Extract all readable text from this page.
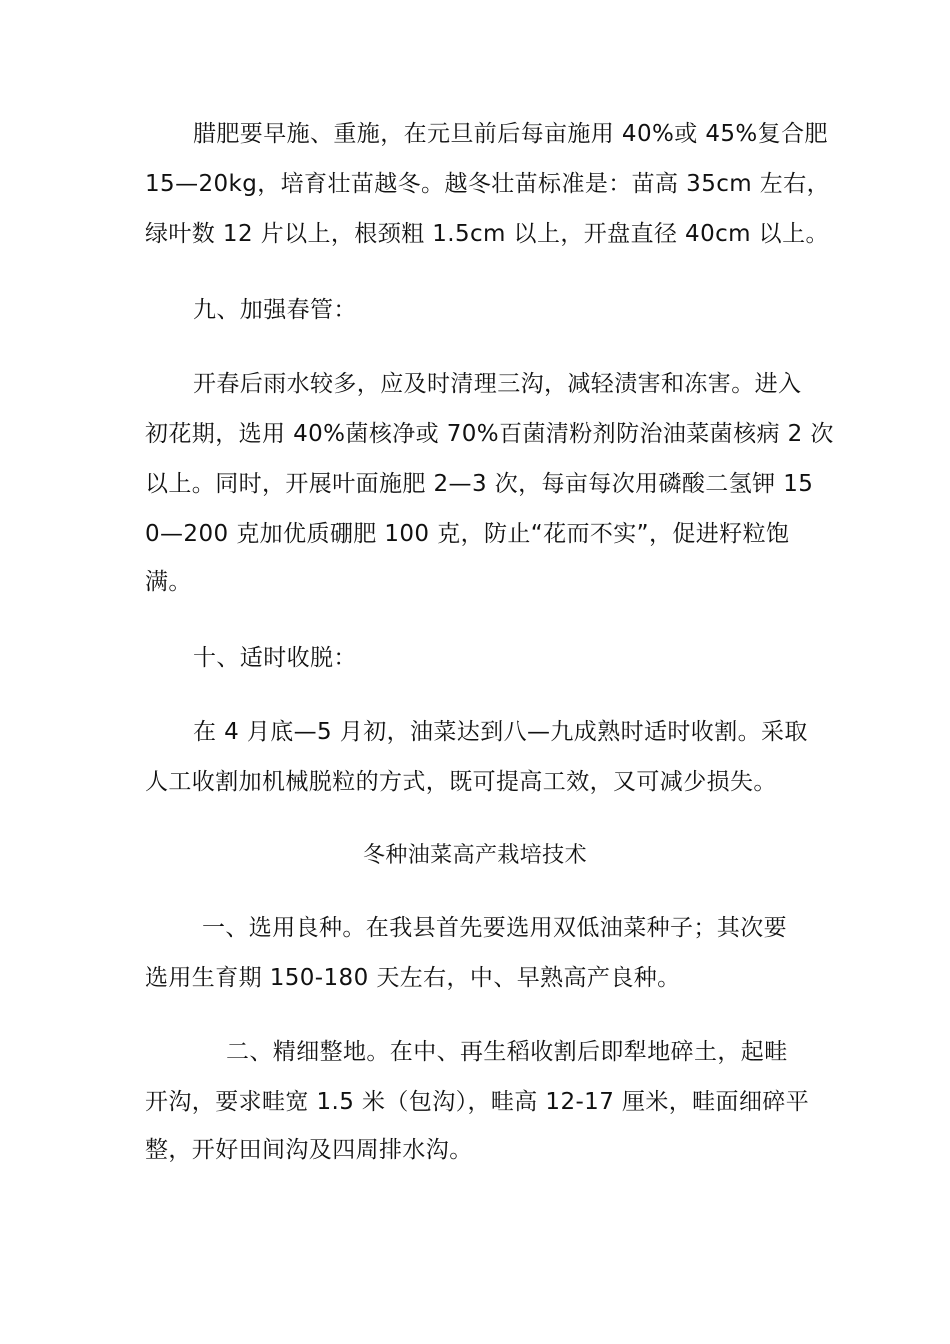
腊肥要早施、重施，在元旦前后每亩施用 40%或 45%复合肥
15—20kg，培育壮苗越冬。越冬壮苗标准是：苗高 35cm 左右，
绿叶数 12 片以上，根颈粗 1.5cm 以上，开盘直径 40cm 以上。
九、加强春管：
开春后雨水较多，应及时清理三沟，减轻渍害和冻害。进入
初花期，选用 40%菌核净或 70%百菌清粉剂防治油菜菌核病 2 次
以上。同时，开展叶面施肥 2—3 次，每亩每次用磷酸二氢钾 15
0—200 克加优质硼肥 100 克，防止“花而不实”，促进籽粒饱
满。
十、适时收脱：
在 4 月底—5 月初，油菜达到八—九成熟时适时收割。采取
人工收割加机械脱粒的方式，既可提高工效，又可减少损失。
冬种油菜高产栽培技术
一、选用良种。在我县首先要选用双低油菜种子；其次要
选用生育期 150-180 天左右，中、早熟高产良种。
二、精细整地。在中、再生稻收割后即犁地碎土，起畦
开沟，要求畦宽 1.5 米（包沟），畦高 12-17 厘米，畦面细碎平
整，开好田间沟及四周排水沟。
